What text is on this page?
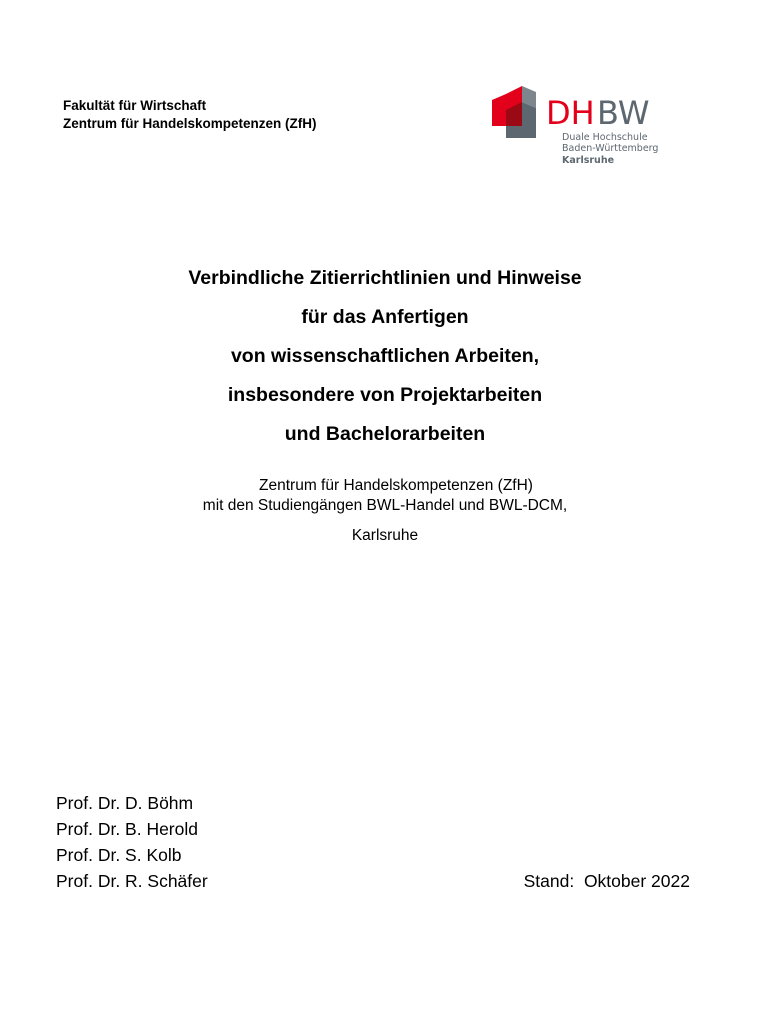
Fakultät für Wirtschaft
Zentrum für Handelskompetenzen (ZfH)	DH BW
Duale Hochschule
Baden-Württemberg
Karlsruhe
Verbindliche Zitierrichtlinien und Hinweise
für das Anfertigen
von wissenschaftlichen Arbeiten,
insbesondere von Projektarbeiten
und Bachelorarbeiten
Zentrum für Handelskompetenzen (ZfH)
mit den Studiengängen BWL-Handel und BWL-DCM,
Karlsruhe
Prof. Dr. D. Böhm
Prof. Dr. B. Herold
Prof. Dr. S. Kolb
Prof. Dr. R. Schäfer	Stand:  Oktober 2022
